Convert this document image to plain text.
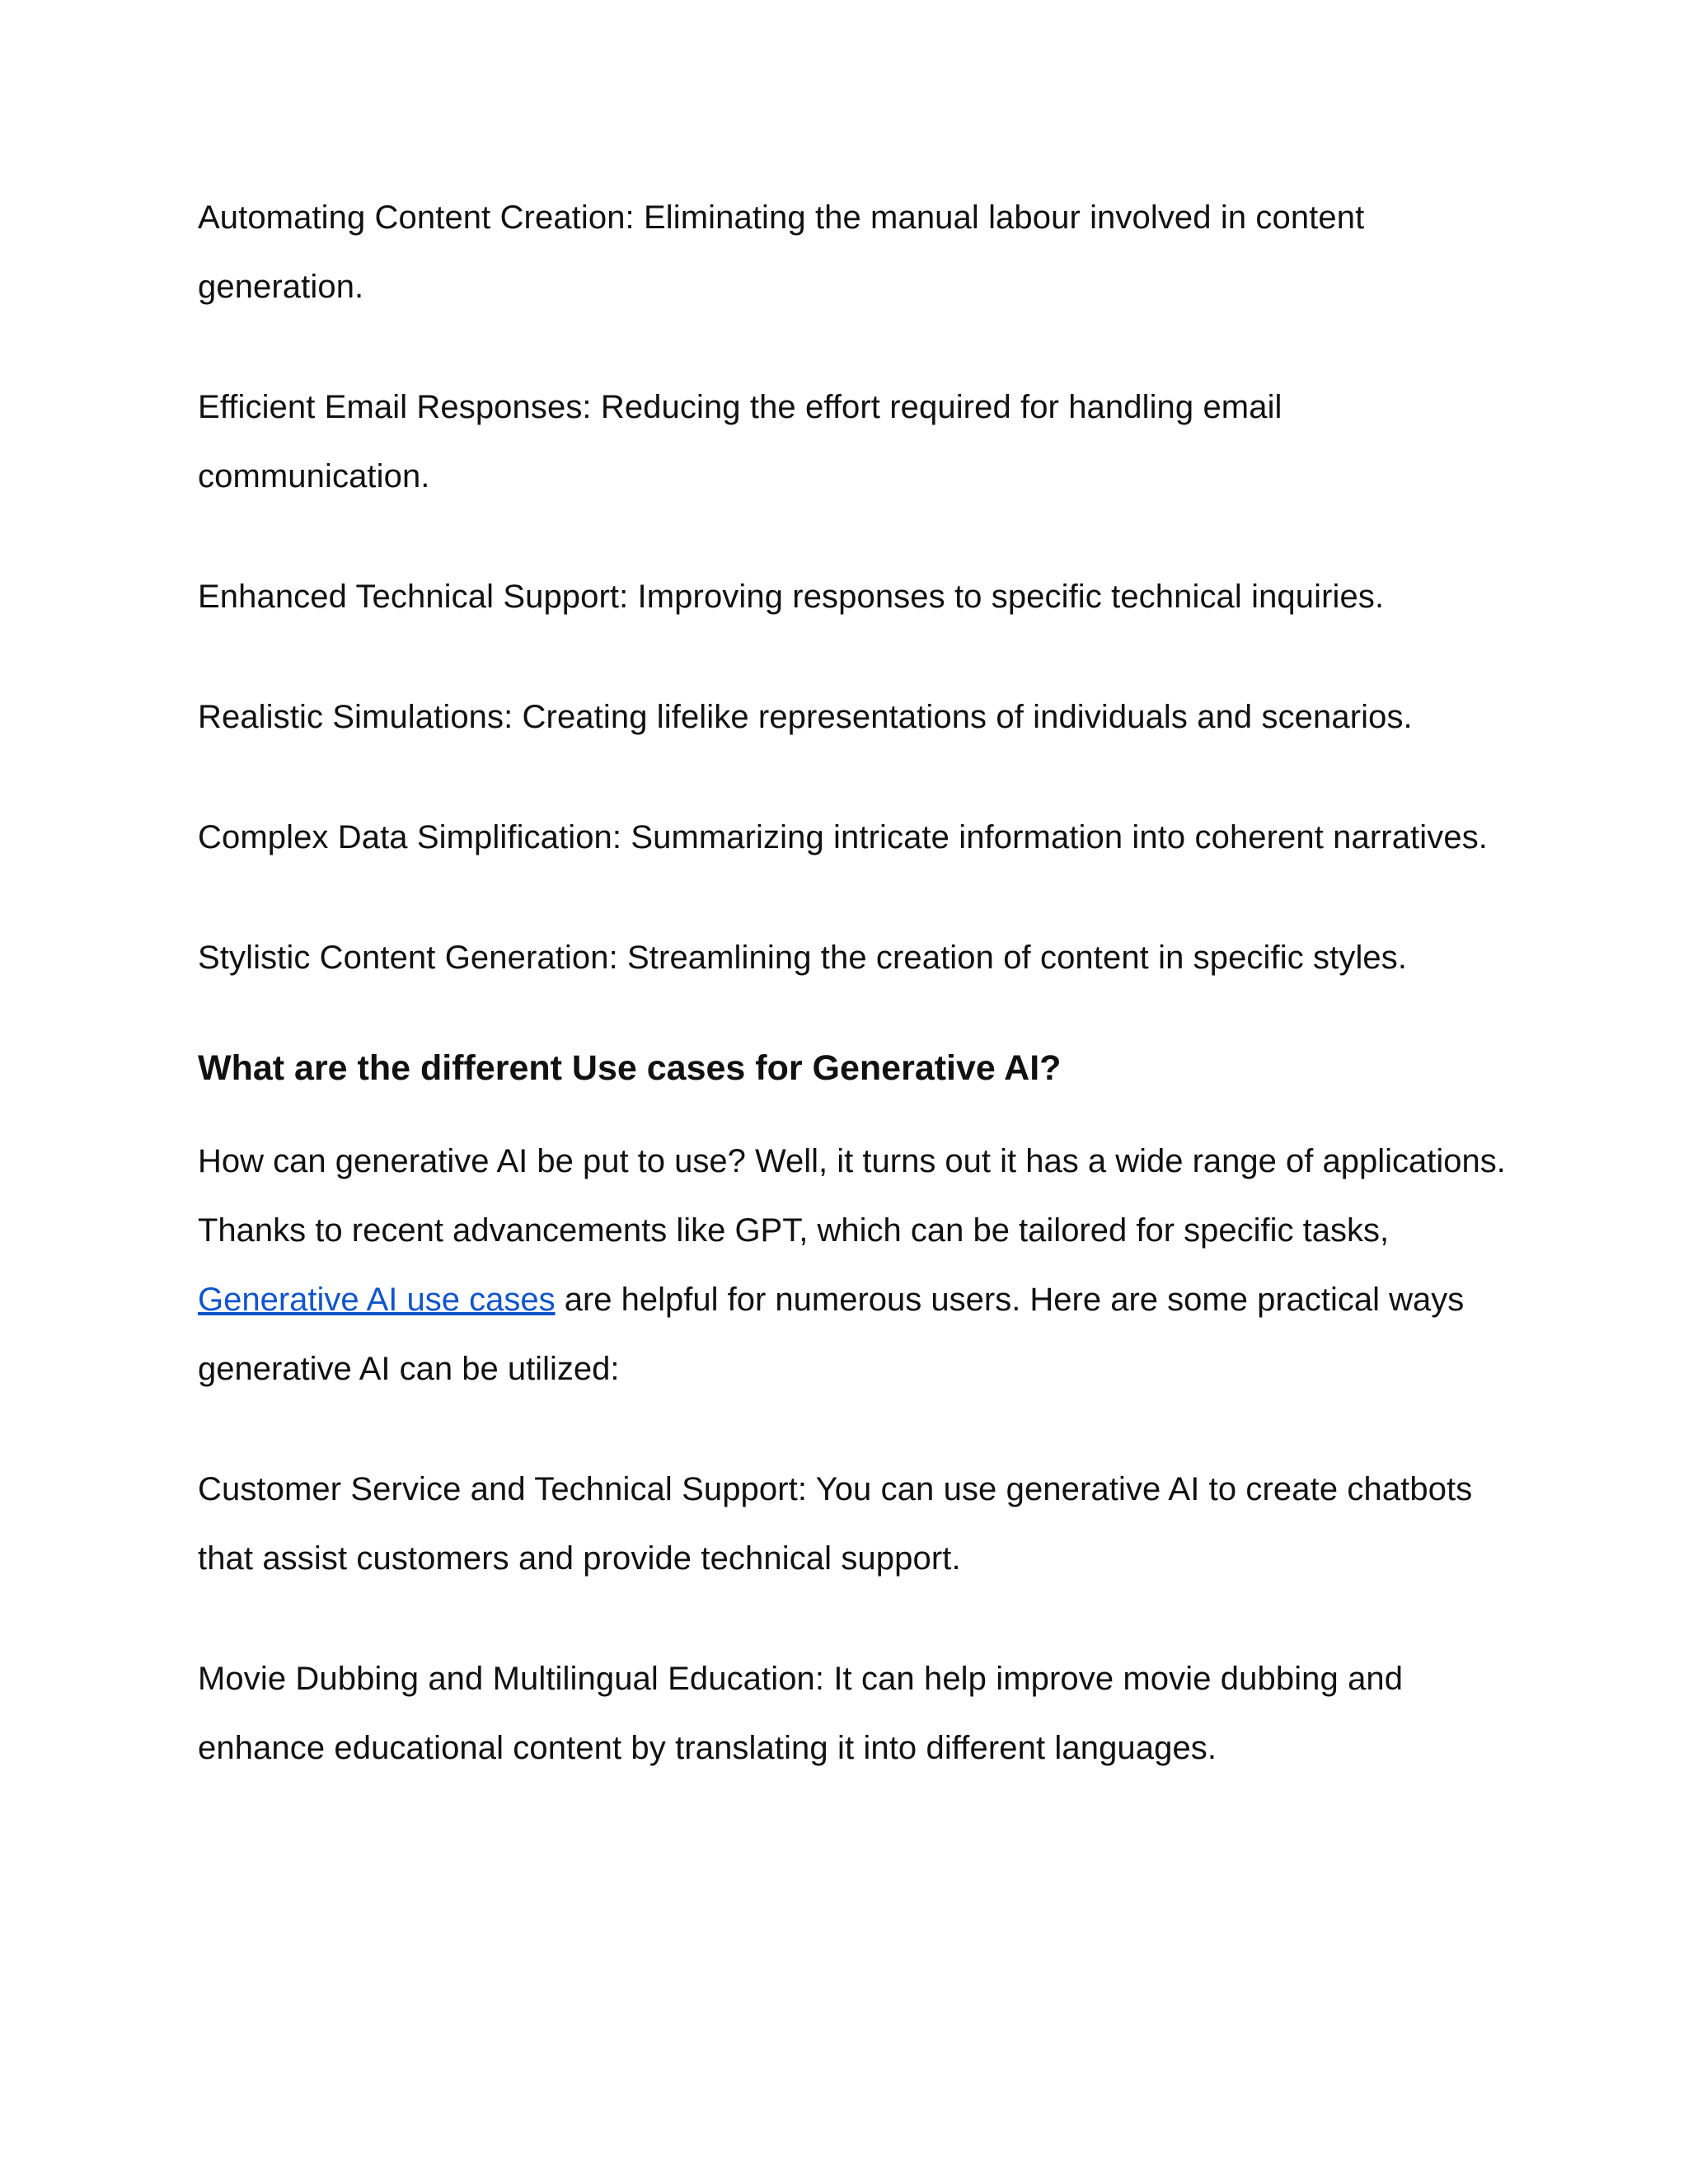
Automating Content Creation: Eliminating the manual labour involved in content generation.

Efficient Email Responses: Reducing the effort required for handling email communication.

Enhanced Technical Support: Improving responses to specific technical inquiries.

Realistic Simulations: Creating lifelike representations of individuals and scenarios.

Complex Data Simplification: Summarizing intricate information into coherent narratives.

Stylistic Content Generation: Streamlining the creation of content in specific styles.

What are the different Use cases for Generative AI?

How can generative AI be put to use? Well, it turns out it has a wide range of applications. Thanks to recent advancements like GPT, which can be tailored for specific tasks, Generative AI use cases are helpful for numerous users. Here are some practical ways generative AI can be utilized:

Customer Service and Technical Support: You can use generative AI to create chatbots that assist customers and provide technical support.

Movie Dubbing and Multilingual Education: It can help improve movie dubbing and enhance educational content by translating it into different languages.
